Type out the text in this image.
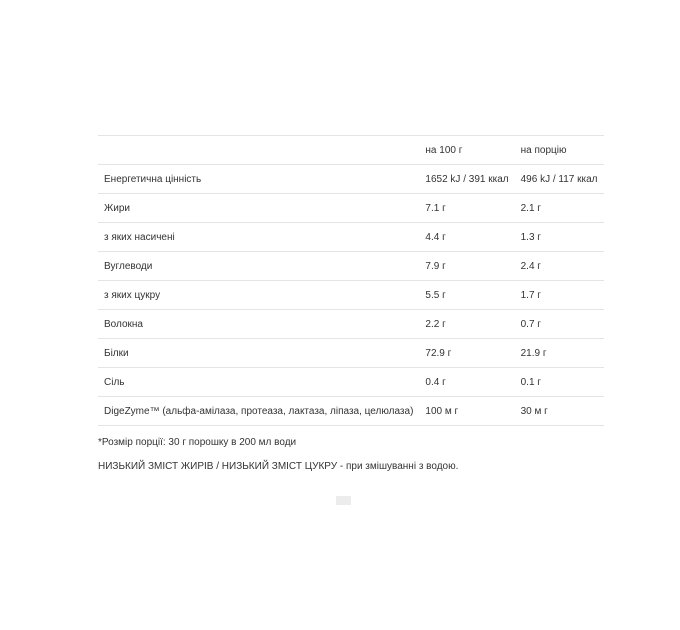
	на 100 г	на порцію
Енергетична цінність	1652 kJ / 391 ккал	496 kJ / 117 ккал
Жири	7.1 г	2.1 г
з яких насичені	4.4 г	1.3 г
Вуглеводи	7.9 г	2.4 г
з яких цукру	5.5 г	1.7 г
Волокна	2.2 г	0.7 г
Білки	72.9 г	21.9 г
Сіль	0.4 г	0.1 г
DigeZyme™ (альфа-амілаза, протеаза, лактаза, ліпаза, целюлаза)	100 м г	30 м г
*Розмір порції: 30 г порошку в 200 мл води
НИЗЬКИЙ ЗМІСТ ЖИРІВ / НИЗЬКИЙ ЗМІСТ ЦУКРУ - при змішуванні з водою.
